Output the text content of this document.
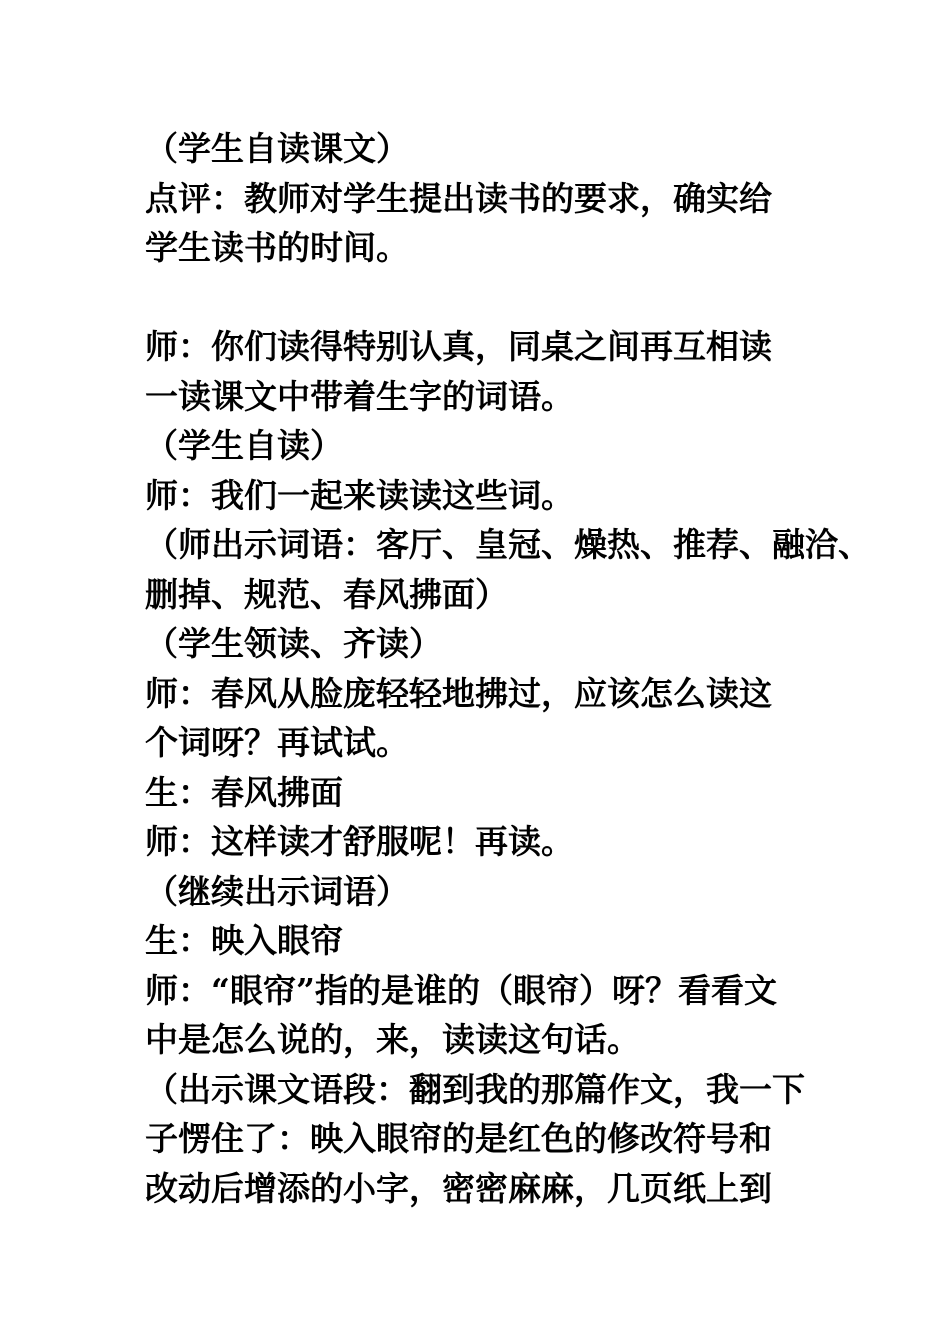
（学生自读课文）
点评：教师对学生提出读书的要求，确实给
学生读书的时间。
师：你们读得特别认真，同桌之间再互相读
一读课文中带着生字的词语。
（学生自读）
师：我们一起来读读这些词。
（师出示词语：客厅、皇冠、燥热、推荐、融洽、
删掉、规范、春风拂面）
（学生领读、齐读）
师：春风从脸庞轻轻地拂过，应该怎么读这
个词呀？再试试。
生：春风拂面
师：这样读才舒服呢！再读。
（继续出示词语）
生：映入眼帘
师：“眼帘”指的是谁的（眼帘）呀？看看文
中是怎么说的，来，读读这句话。
（出示课文语段：翻到我的那篇作文，我一下
子愣住了：映入眼帘的是红色的修改符号和
改动后增添的小字，密密麻麻，几页纸上到
